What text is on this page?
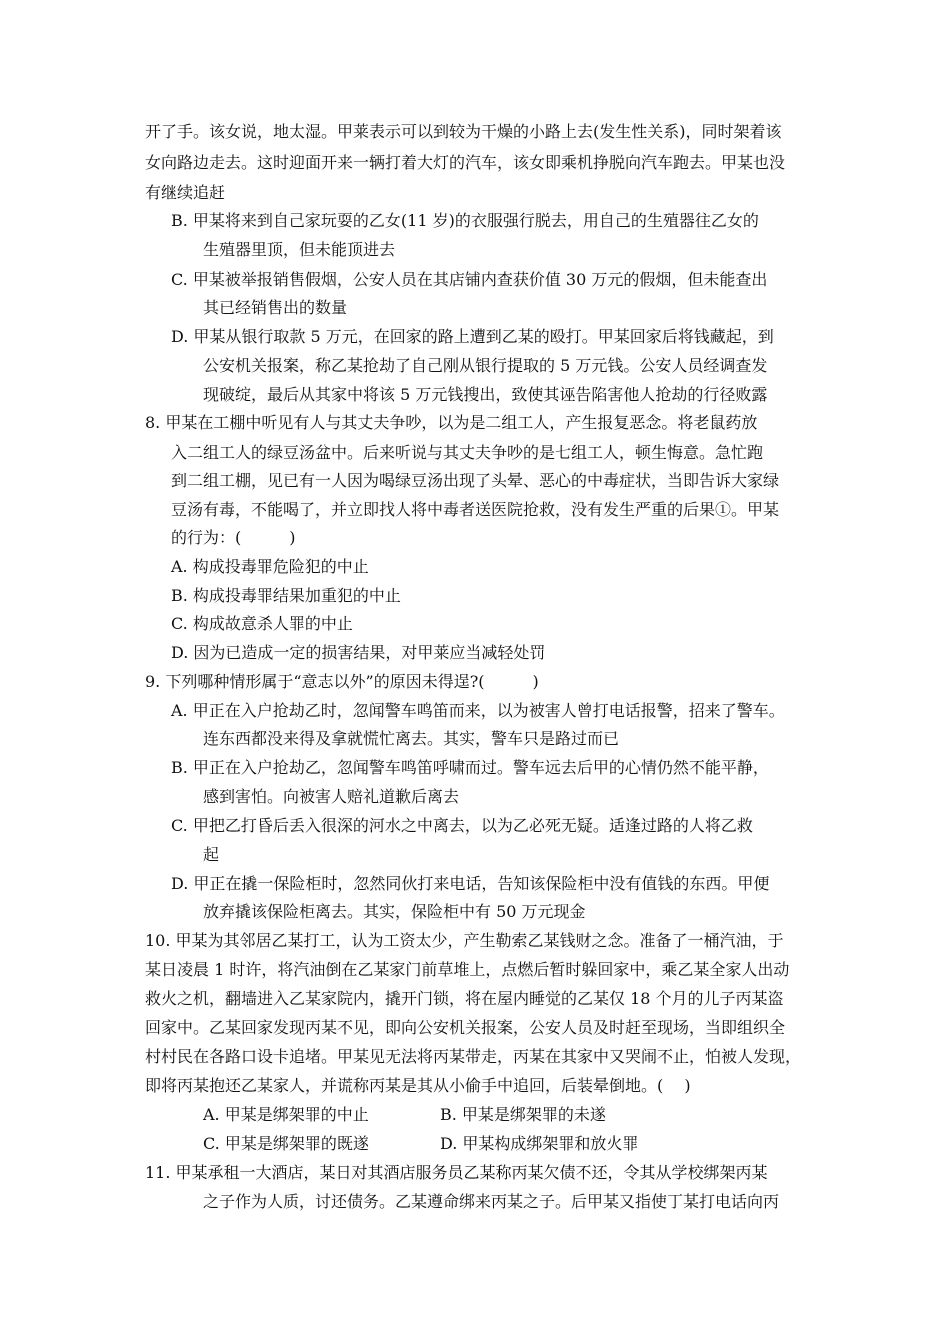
开了手。该女说，地太湿。甲莱表示可以到较为干燥的小路上去(发生性关系)，同时架着该
女向路边走去。这时迎面开来一辆打着大灯的汽车，该女即乘机挣脱向汽车跑去。甲某也没
有继续追赶
B. 甲某将来到自己家玩耍的乙女(11 岁)的衣服强行脱去，用自己的生殖器往乙女的
生殖器里顶，但未能顶进去
C. 甲某被举报销售假烟，公安人员在其店铺内查获价值 30 万元的假烟，但未能查出
其已经销售出的数量
D. 甲某从银行取款 5 万元，在回家的路上遭到乙某的殴打。甲某回家后将钱藏起，到
公安机关报案，称乙某抢劫了自己刚从银行提取的 5 万元钱。公安人员经调查发
现破绽，最后从其家中将该 5 万元钱搜出，致使其诬告陷害他人抢劫的行径败露
8. 甲某在工棚中听见有人与其丈夫争吵，以为是二组工人，产生报复恶念。将老鼠药放
入二组工人的绿豆汤盆中。后来听说与其丈夫争吵的是七组工人，顿生悔意。急忙跑
到二组工棚，见已有一人因为喝绿豆汤出现了头晕、恶心的中毒症状，当即告诉大家绿
豆汤有毒，不能喝了，并立即找人将中毒者送医院抢救，没有发生严重的后果①。甲某
的行为：(　　　)
A. 构成投毒罪危险犯的中止
B. 构成投毒罪结果加重犯的中止
C. 构成故意杀人罪的中止
D. 因为已造成一定的损害结果，对甲莱应当减轻处罚
9. 下列哪种情形属于“意志以外”的原因未得逞?(　　　)
A. 甲正在入户抢劫乙时，忽闻警车鸣笛而来，以为被害人曾打电话报警，招来了警车。
连东西都没来得及拿就慌忙离去。其实，警车只是路过而已
B. 甲正在入户抢劫乙，忽闻警车鸣笛呼啸而过。警车远去后甲的心情仍然不能平静，
感到害怕。向被害人赔礼道歉后离去
C. 甲把乙打昏后丢入很深的河水之中离去，以为乙必死无疑。适逢过路的人将乙救
起
D. 甲正在撬一保险柜时，忽然同伙打来电话，告知该保险柜中没有值钱的东西。甲便
放弃撬该保险柜离去。其实，保险柜中有 50 万元现金
10. 甲某为其邻居乙某打工，认为工资太少，产生勒索乙某钱财之念。准备了一桶汽油，于
某日凌晨 1 时许，将汽油倒在乙某家门前草堆上，点燃后暂时躲回家中，乘乙某全家人出动
救火之机，翻墙进入乙某家院内，撬开门锁，将在屋内睡觉的乙某仅 18 个月的儿子丙某盗
回家中。乙某回家发现丙某不见，即向公安机关报案，公安人员及时赶至现场，当即组织全
村村民在各路口设卡追堵。甲某见无法将丙某带走，丙某在其家中又哭闹不止，怕被人发现，
即将丙某抱还乙某家人，并谎称丙某是其从小偷手中追回，后装晕倒地。(　 )
A. 甲某是绑架罪的中止	B. 甲某是绑架罪的未遂
C. 甲某是绑架罪的既遂	D. 甲某构成绑架罪和放火罪
11. 甲某承租一大酒店，某日对其酒店服务员乙某称丙某欠债不还，令其从学校绑架丙某
之子作为人质，讨还债务。乙某遵命绑来丙某之子。后甲某又指使丁某打电话向丙
